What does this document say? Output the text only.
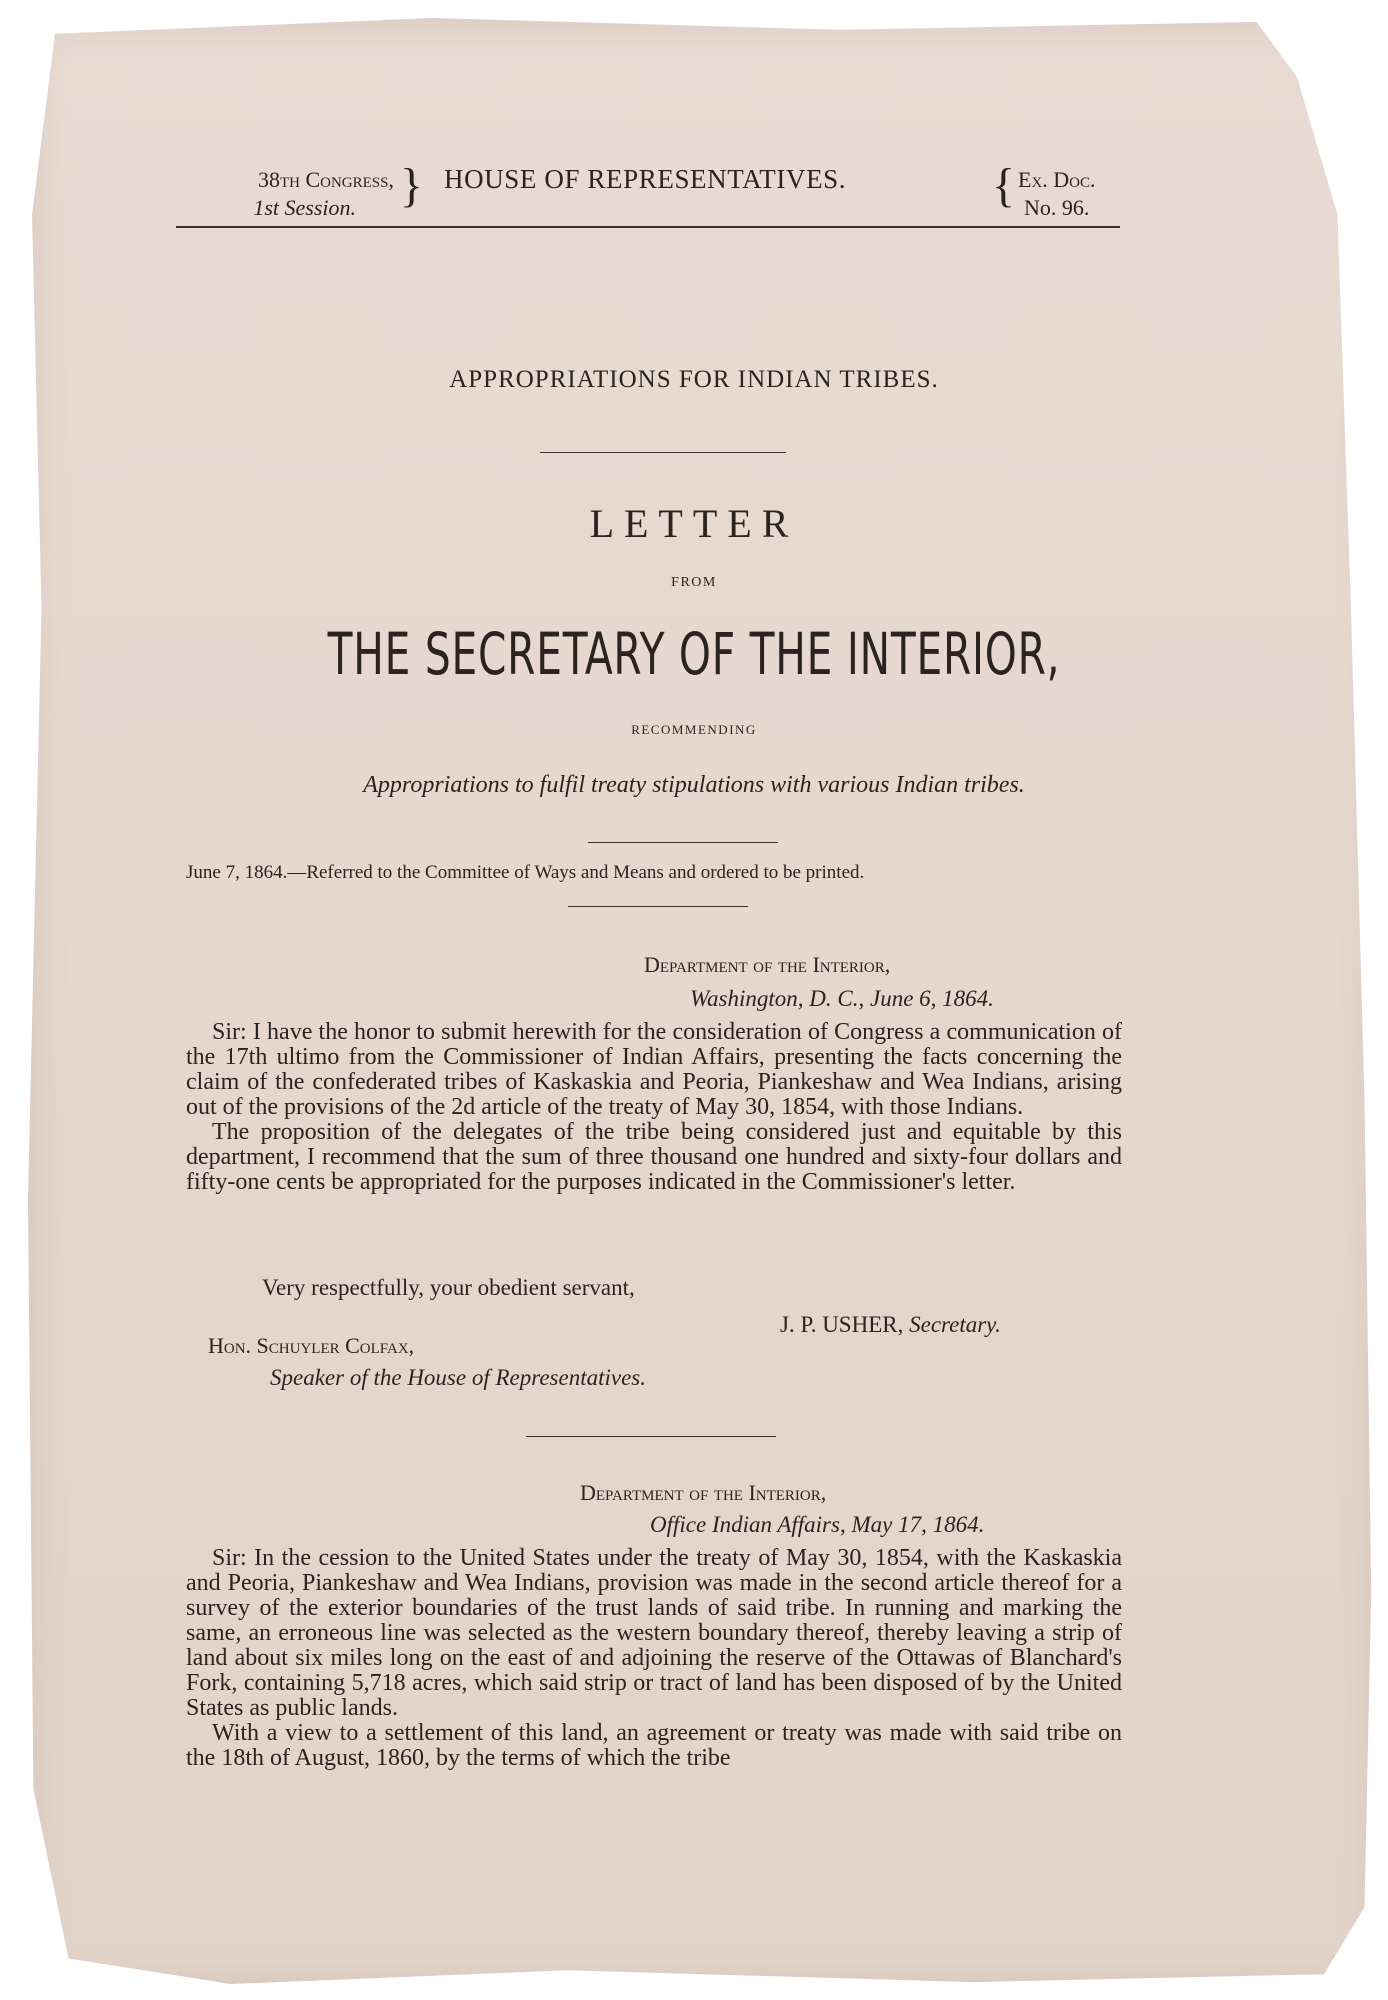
38th Congress,
1st Session. } HOUSE OF REPRESENTATIVES.	{ Ex. Doc.
No. 96.
APPROPRIATIONS FOR INDIAN TRIBES.
LETTER
FROM
THE SECRETARY OF THE INTERIOR,
RECOMMENDING
Appropriations to fulfil treaty stipulations with various Indian tribes.
June 7, 1864.—Referred to the Committee of Ways and Means and ordered to be printed.
Department of the Interior,
Washington, D. C., June 6, 1864.

Sir: I have the honor to submit herewith for the consideration of Congress a communication of the 17th ultimo from the Commissioner of Indian Affairs, presenting the facts concerning the claim of the confederated tribes of Kaskaskia and Peoria, Piankeshaw and Wea Indians, arising out of the provisions of the 2d article of the treaty of May 30, 1854, with those Indians.

The proposition of the delegates of the tribe being considered just and equitable by this department, I recommend that the sum of three thousand one hundred and sixty-four dollars and fifty-one cents be appropriated for the purposes indicated in the Commissioner's letter.

Very respectfully, your obedient servant,
J. P. USHER, Secretary.
Hon. Schuyler Colfax,
Speaker of the House of Representatives.
Department of the Interior,
Office Indian Affairs, May 17, 1864.

Sir: In the cession to the United States under the treaty of May 30, 1854, with the Kaskaskia and Peoria, Piankeshaw and Wea Indians, provision was made in the second article thereof for a survey of the exterior boundaries of the trust lands of said tribe. In running and marking the same, an erroneous line was selected as the western boundary thereof, thereby leaving a strip of land about six miles long on the east of and adjoining the reserve of the Ottawas of Blanchard's Fork, containing 5,718 acres, which said strip or tract of land has been disposed of by the United States as public lands.

With a view to a settlement of this land, an agreement or treaty was made with said tribe on the 18th of August, 1860, by the terms of which the tribe
